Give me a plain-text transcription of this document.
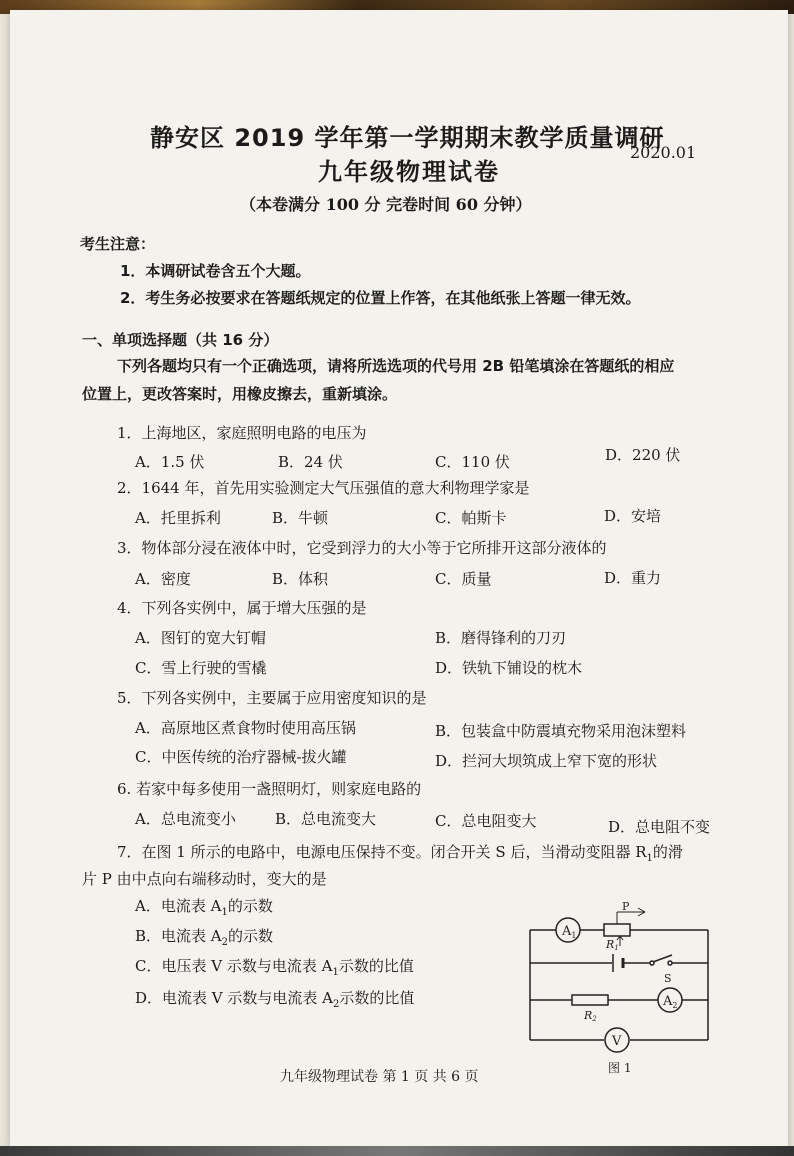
静安区 2019 学年第一学期期末教学质量调研
九年级物理试卷
2020.01
（本卷满分 100 分 完卷时间 60 分钟）
考生注意：
1．本调研试卷含五个大题。
2．考生务必按要求在答题纸规定的位置上作答，在其他纸张上答题一律无效。
一、单项选择题（共 16 分）
下列各题均只有一个正确选项，请将所选选项的代号用 2B 铅笔填涂在答题纸的相应
位置上，更改答案时，用橡皮擦去，重新填涂。
1．上海地区，家庭照明电路的电压为
A．1.5 伏	B．24 伏	C．110 伏	D．220 伏
2．1644 年，首先用实验测定大气压强值的意大利物理学家是
A．托里拆利	B．牛顿	C．帕斯卡	D．安培
3．物体部分浸在液体中时，它受到浮力的大小等于它所排开这部分液体的
A．密度	B．体积	C．质量	D．重力
4．下列各实例中，属于增大压强的是
A．图钉的宽大钉帽	B．磨得锋利的刀刃
C．雪上行驶的雪橇	D．铁轨下铺设的枕木
5．下列各实例中，主要属于应用密度知识的是
A．高原地区煮食物时使用高压锅	B．包装盒中防震填充物采用泡沫塑料
C．中医传统的治疗器械-拔火罐	D．拦河大坝筑成上窄下宽的形状
6. 若家中每多使用一盏照明灯，则家庭电路的
A．总电流变小	B．总电流变大	C．总电阻变大	D．总电阻不变
7．在图 1 所示的电路中，电源电压保持不变。闭合开关 S 后，当滑动变阻器 $R_1$的滑
片 P 由中点向右端移动时，变大的是
A．电流表 $A_1$的示数
B．电流表 $A_2$的示数
C．电压表 V 示数与电流表 $A_1$示数的比值
D．电流表 V 示数与电流表 $A_2$示数的比值
$A_1$
P
R1
S
R2
$A_2$
V
图 1
九年级物理试卷 第 1 页 共 6 页
